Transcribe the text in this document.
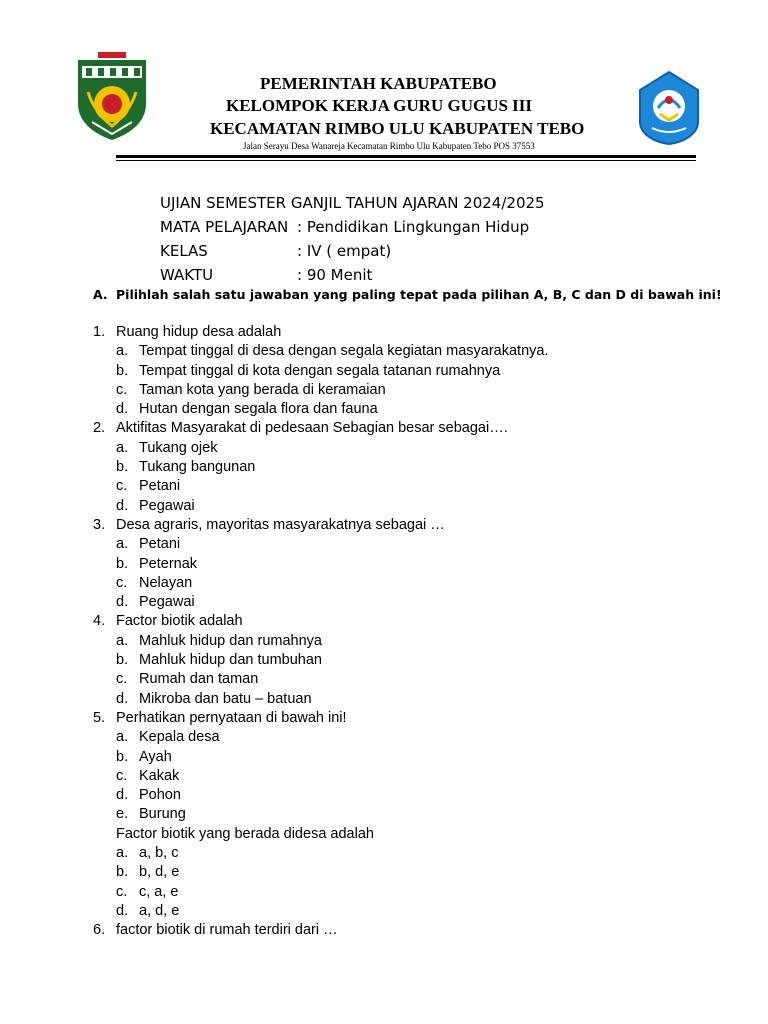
PEMERINTAH KABUPATEBO
KELOMPOK KERJA GURU GUGUS III
KECAMATAN RIMBO ULU KABUPATEN TEBO
Jalan Serayu Desa Wanareja Kecamatan Rimbo Ulu Kabupaten Tebo POS 37553
UJIAN SEMESTER GANJIL TAHUN AJARAN 2024/2025
MATA PELAJARAN : Pendidikan Lingkungan Hidup
KELAS	: IV ( empat)
WAKTU	: 90 Menit
A. Pilihlah salah satu jawaban yang paling tepat pada pilihan A, B, C dan D di bawah ini!
1. Ruang hidup desa adalah
a. Tempat tinggal di desa dengan segala kegiatan masyarakatnya.
b. Tempat tinggal di kota dengan segala tatanan rumahnya
c. Taman kota yang berada di keramaian
d. Hutan dengan segala flora dan fauna
2. Aktifitas Masyarakat di pedesaan Sebagian besar sebagai….
a. Tukang ojek
b. Tukang bangunan
c. Petani
d. Pegawai
3. Desa agraris, mayoritas masyarakatnya sebagai …
a. Petani
b. Peternak
c. Nelayan
d. Pegawai
4. Factor biotik adalah
a. Mahluk hidup dan rumahnya
b. Mahluk hidup dan tumbuhan
c. Rumah dan taman
d. Mikroba dan batu – batuan
5. Perhatikan pernyataan di bawah ini!
a. Kepala desa
b. Ayah
c. Kakak
d. Pohon
e. Burung
Factor biotik yang berada didesa adalah
a. a, b, c
b. b, d, e
c. c, a, e
d. a, d, e
6. factor biotik di rumah terdiri dari …
